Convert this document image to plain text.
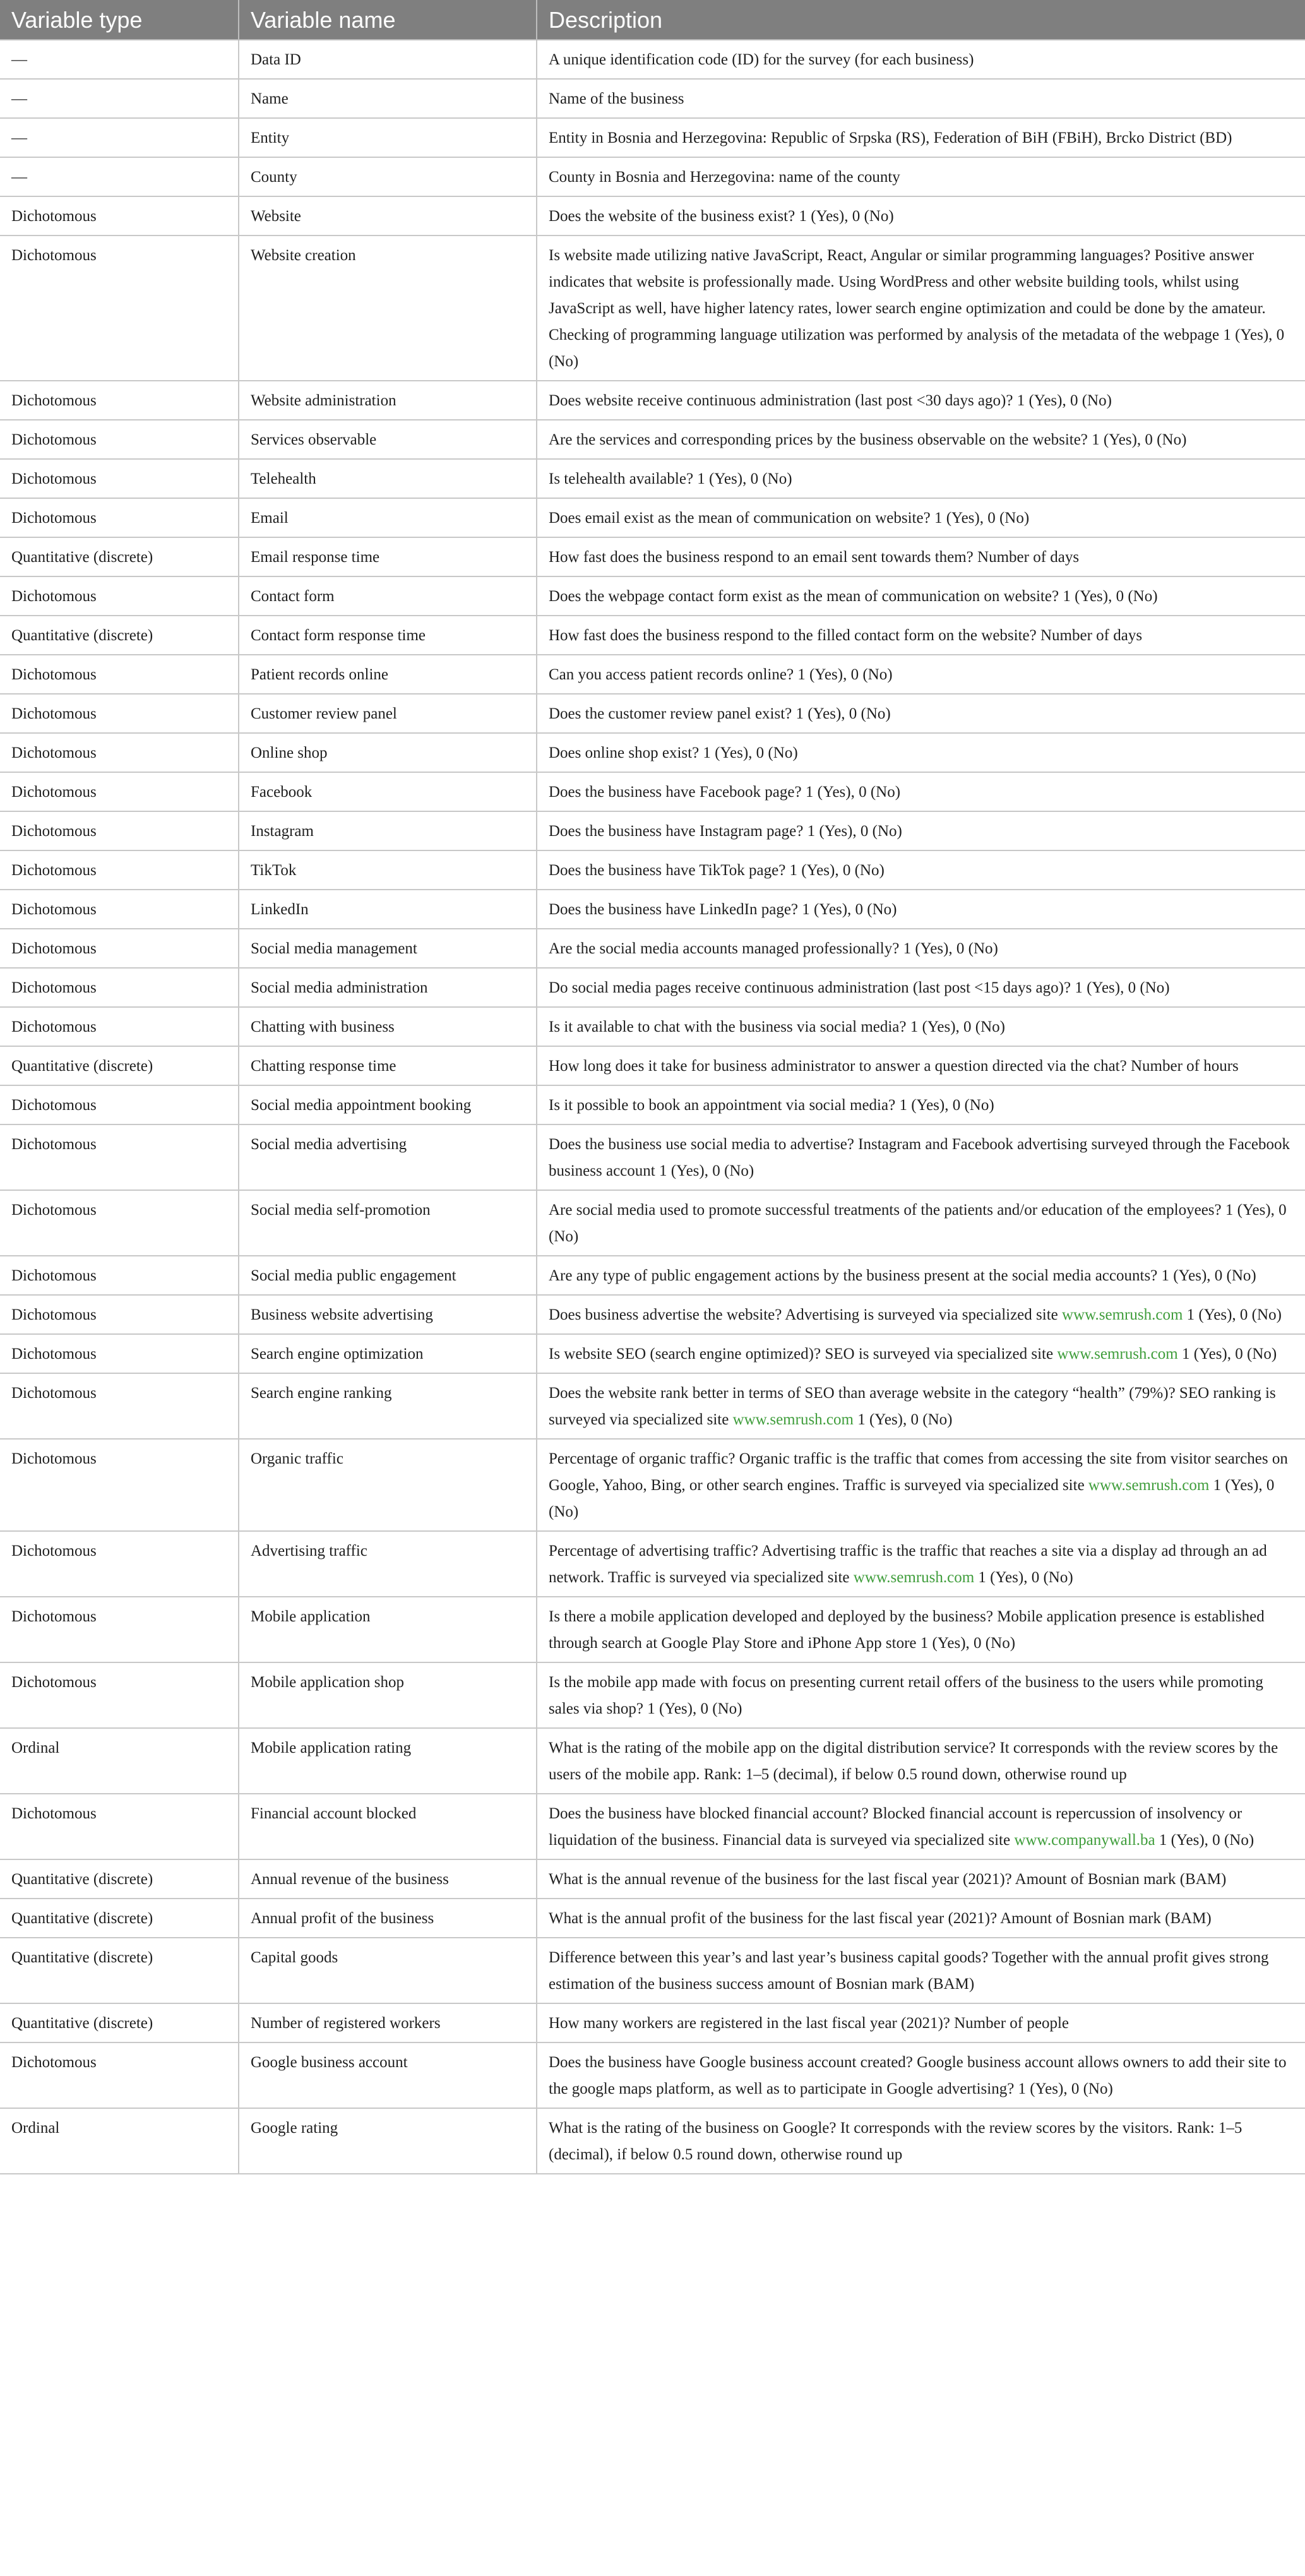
Variable type	Variable name	Description
—	Data ID	A unique identification code (ID) for the survey (for each business)
—	Name	Name of the business
—	Entity	Entity in Bosnia and Herzegovina: Republic of Srpska (RS), Federation of BiH (FBiH), Brcko District (BD)
—	County	County in Bosnia and Herzegovina: name of the county
Dichotomous	Website	Does the website of the business exist? 1 (Yes), 0 (No)
Dichotomous	Website creation	Is website made utilizing native JavaScript, React, Angular or similar programming languages? Positive answer indicates that website is professionally made. Using WordPress and other website building tools, whilst using JavaScript as well, have higher latency rates, lower search engine optimization and could be done by the amateur. Checking of programming language utilization was performed by analysis of the metadata of the webpage 1 (Yes), 0 (No)
Dichotomous	Website administration	Does website receive continuous administration (last post <30 days ago)? 1 (Yes), 0 (No)
Dichotomous	Services observable	Are the services and corresponding prices by the business observable on the website? 1 (Yes), 0 (No)
Dichotomous	Telehealth	Is telehealth available? 1 (Yes), 0 (No)
Dichotomous	Email	Does email exist as the mean of communication on website? 1 (Yes), 0 (No)
Quantitative (discrete)	Email response time	How fast does the business respond to an email sent towards them? Number of days
Dichotomous	Contact form	Does the webpage contact form exist as the mean of communication on website? 1 (Yes), 0 (No)
Quantitative (discrete)	Contact form response time	How fast does the business respond to the filled contact form on the website? Number of days
Dichotomous	Patient records online	Can you access patient records online? 1 (Yes), 0 (No)
Dichotomous	Customer review panel	Does the customer review panel exist? 1 (Yes), 0 (No)
Dichotomous	Online shop	Does online shop exist? 1 (Yes), 0 (No)
Dichotomous	Facebook	Does the business have Facebook page? 1 (Yes), 0 (No)
Dichotomous	Instagram	Does the business have Instagram page? 1 (Yes), 0 (No)
Dichotomous	TikTok	Does the business have TikTok page? 1 (Yes), 0 (No)
Dichotomous	LinkedIn	Does the business have LinkedIn page? 1 (Yes), 0 (No)
Dichotomous	Social media management	Are the social media accounts managed professionally? 1 (Yes), 0 (No)
Dichotomous	Social media administration	Do social media pages receive continuous administration (last post <15 days ago)? 1 (Yes), 0 (No)
Dichotomous	Chatting with business	Is it available to chat with the business via social media? 1 (Yes), 0 (No)
Quantitative (discrete)	Chatting response time	How long does it take for business administrator to answer a question directed via the chat? Number of hours
Dichotomous	Social media appointment booking	Is it possible to book an appointment via social media? 1 (Yes), 0 (No)
Dichotomous	Social media advertising	Does the business use social media to advertise? Instagram and Facebook advertising surveyed through the Facebook business account 1 (Yes), 0 (No)
Dichotomous	Social media self-promotion	Are social media used to promote successful treatments of the patients and/or education of the employees? 1 (Yes), 0 (No)
Dichotomous	Social media public engagement	Are any type of public engagement actions by the business present at the social media accounts? 1 (Yes), 0 (No)
Dichotomous	Business website advertising	Does business advertise the website? Advertising is surveyed via specialized site www.semrush.com 1 (Yes), 0 (No)
Dichotomous	Search engine optimization	Is website SEO (search engine optimized)? SEO is surveyed via specialized site www.semrush.com 1 (Yes), 0 (No)
Dichotomous	Search engine ranking	Does the website rank better in terms of SEO than average website in the category “health” (79%)? SEO ranking is surveyed via specialized site www.semrush.com 1 (Yes), 0 (No)
Dichotomous	Organic traffic	Percentage of organic traffic? Organic traffic is the traffic that comes from accessing the site from visitor searches on Google, Yahoo, Bing, or other search engines. Traffic is surveyed via specialized site www.semrush.com 1 (Yes), 0 (No)
Dichotomous	Advertising traffic	Percentage of advertising traffic? Advertising traffic is the traffic that reaches a site via a display ad through an ad network. Traffic is surveyed via specialized site www.semrush.com 1 (Yes), 0 (No)
Dichotomous	Mobile application	Is there a mobile application developed and deployed by the business? Mobile application presence is established through search at Google Play Store and iPhone App store 1 (Yes), 0 (No)
Dichotomous	Mobile application shop	Is the mobile app made with focus on presenting current retail offers of the business to the users while promoting sales via shop? 1 (Yes), 0 (No)
Ordinal	Mobile application rating	What is the rating of the mobile app on the digital distribution service? It corresponds with the review scores by the users of the mobile app. Rank: 1–5 (decimal), if below 0.5 round down, otherwise round up
Dichotomous	Financial account blocked	Does the business have blocked financial account? Blocked financial account is repercussion of insolvency or liquidation of the business. Financial data is surveyed via specialized site www.companywall.ba 1 (Yes), 0 (No)
Quantitative (discrete)	Annual revenue of the business	What is the annual revenue of the business for the last fiscal year (2021)? Amount of Bosnian mark (BAM)
Quantitative (discrete)	Annual profit of the business	What is the annual profit of the business for the last fiscal year (2021)? Amount of Bosnian mark (BAM)
Quantitative (discrete)	Capital goods	Difference between this year’s and last year’s business capital goods? Together with the annual profit gives strong estimation of the business success amount of Bosnian mark (BAM)
Quantitative (discrete)	Number of registered workers	How many workers are registered in the last fiscal year (2021)? Number of people
Dichotomous	Google business account	Does the business have Google business account created? Google business account allows owners to add their site to the google maps platform, as well as to participate in Google advertising? 1 (Yes), 0 (No)
Ordinal	Google rating	What is the rating of the business on Google? It corresponds with the review scores by the visitors. Rank: 1–5 (decimal), if below 0.5 round down, otherwise round up
